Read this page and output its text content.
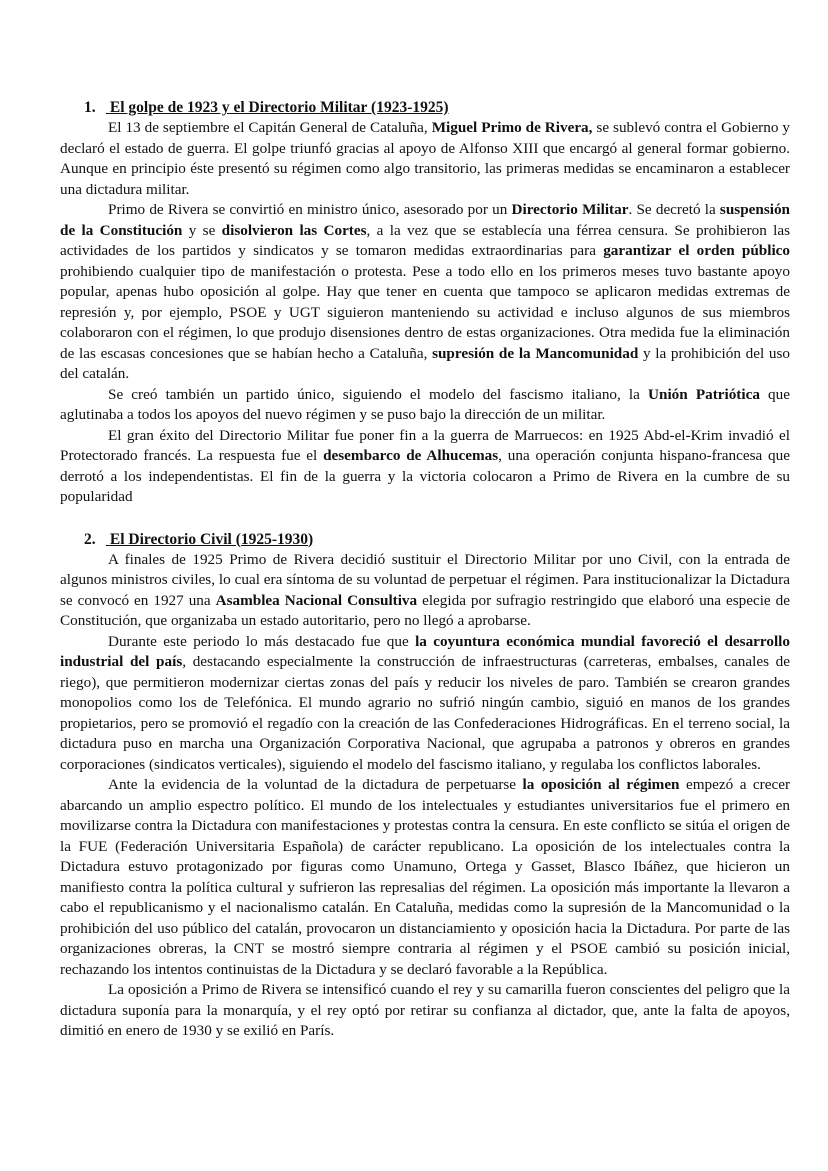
1. El golpe de 1923 y el Directorio Militar (1923-1925)

El 13 de septiembre el Capitán General de Cataluña, Miguel Primo de Rivera, se sublevó contra el Gobierno y declaró el estado de guerra. El golpe triunfó gracias al apoyo de Alfonso XIII que encargó al general formar gobierno. Aunque en principio éste presentó su régimen como algo transitorio, las primeras medidas se encaminaron a establecer una dictadura militar.

Primo de Rivera se convirtió en ministro único, asesorado por un Directorio Militar. Se decretó la suspensión de la Constitución y se disolvieron las Cortes, a la vez que se establecía una férrea censura. Se prohibieron las actividades de los partidos y sindicatos y se tomaron medidas extraordinarias para garantizar el orden público prohibiendo cualquier tipo de manifestación o protesta. Pese a todo ello en los primeros meses tuvo bastante apoyo popular, apenas hubo oposición al golpe. Hay que tener en cuenta que tampoco se aplicaron medidas extremas de represión y, por ejemplo, PSOE y UGT siguieron manteniendo su actividad e incluso algunos de sus miembros colaboraron con el régimen, lo que produjo disensiones dentro de estas organizaciones. Otra medida fue la eliminación de las escasas concesiones que se habían hecho a Cataluña, supresión de la Mancomunidad y la prohibición del uso del catalán.

Se creó también un partido único, siguiendo el modelo del fascismo italiano, la Unión Patriótica que aglutinaba a todos los apoyos del nuevo régimen y se puso bajo la dirección de un militar.

El gran éxito del Directorio Militar fue poner fin a la guerra de Marruecos: en 1925 Abd-el-Krim invadió el Protectorado francés. La respuesta fue el desembarco de Alhucemas, una operación conjunta hispano-francesa que derrotó a los independentistas. El fin de la guerra y la victoria colocaron a Primo de Rivera en la cumbre de su popularidad

2. El Directorio Civil (1925-1930)

A finales de 1925 Primo de Rivera decidió sustituir el Directorio Militar por uno Civil, con la entrada de algunos ministros civiles, lo cual era síntoma de su voluntad de perpetuar el régimen. Para institucionalizar la Dictadura se convocó en 1927 una Asamblea Nacional Consultiva elegida por sufragio restringido que elaboró una especie de Constitución, que organizaba un estado autoritario, pero no llegó a aprobarse.

Durante este periodo lo más destacado fue que la coyuntura económica mundial favoreció el desarrollo industrial del país, destacando especialmente la construcción de infraestructuras (carreteras, embalses, canales de riego), que permitieron modernizar ciertas zonas del país y reducir los niveles de paro. También se crearon grandes monopolios como los de Telefónica. El mundo agrario no sufrió ningún cambio, siguió en manos de los grandes propietarios, pero se promovió el regadío con la creación de las Confederaciones Hidrográficas. En el terreno social, la dictadura puso en marcha una Organización Corporativa Nacional, que agrupaba a patronos y obreros en grandes corporaciones (sindicatos verticales), siguiendo el modelo del fascismo italiano, y regulaba los conflictos laborales.

Ante la evidencia de la voluntad de la dictadura de perpetuarse la oposición al régimen empezó a crecer abarcando un amplio espectro político. El mundo de los intelectuales y estudiantes universitarios fue el primero en movilizarse contra la Dictadura con manifestaciones y protestas contra la censura. En este conflicto se sitúa el origen de la FUE (Federación Universitaria Española) de carácter republicano. La oposición de los intelectuales contra la Dictadura estuvo protagonizado por figuras como Unamuno, Ortega y Gasset, Blasco Ibáñez, que hicieron un manifiesto contra la política cultural y sufrieron las represalias del régimen. La oposición más importante la llevaron a cabo el republicanismo y el nacionalismo catalán. En Cataluña, medidas como la supresión de la Mancomunidad o la prohibición del uso público del catalán, provocaron un distanciamiento y oposición hacia la Dictadura. Por parte de las organizaciones obreras, la CNT se mostró siempre contraria al régimen y el PSOE cambió su posición inicial, rechazando los intentos continuistas de la Dictadura y se declaró favorable a la República.

La oposición a Primo de Rivera se intensificó cuando el rey y su camarilla fueron conscientes del peligro que la dictadura suponía para la monarquía, y el rey optó por retirar su confianza al dictador, que, ante la falta de apoyos, dimitió en enero de 1930 y se exilió en París.
